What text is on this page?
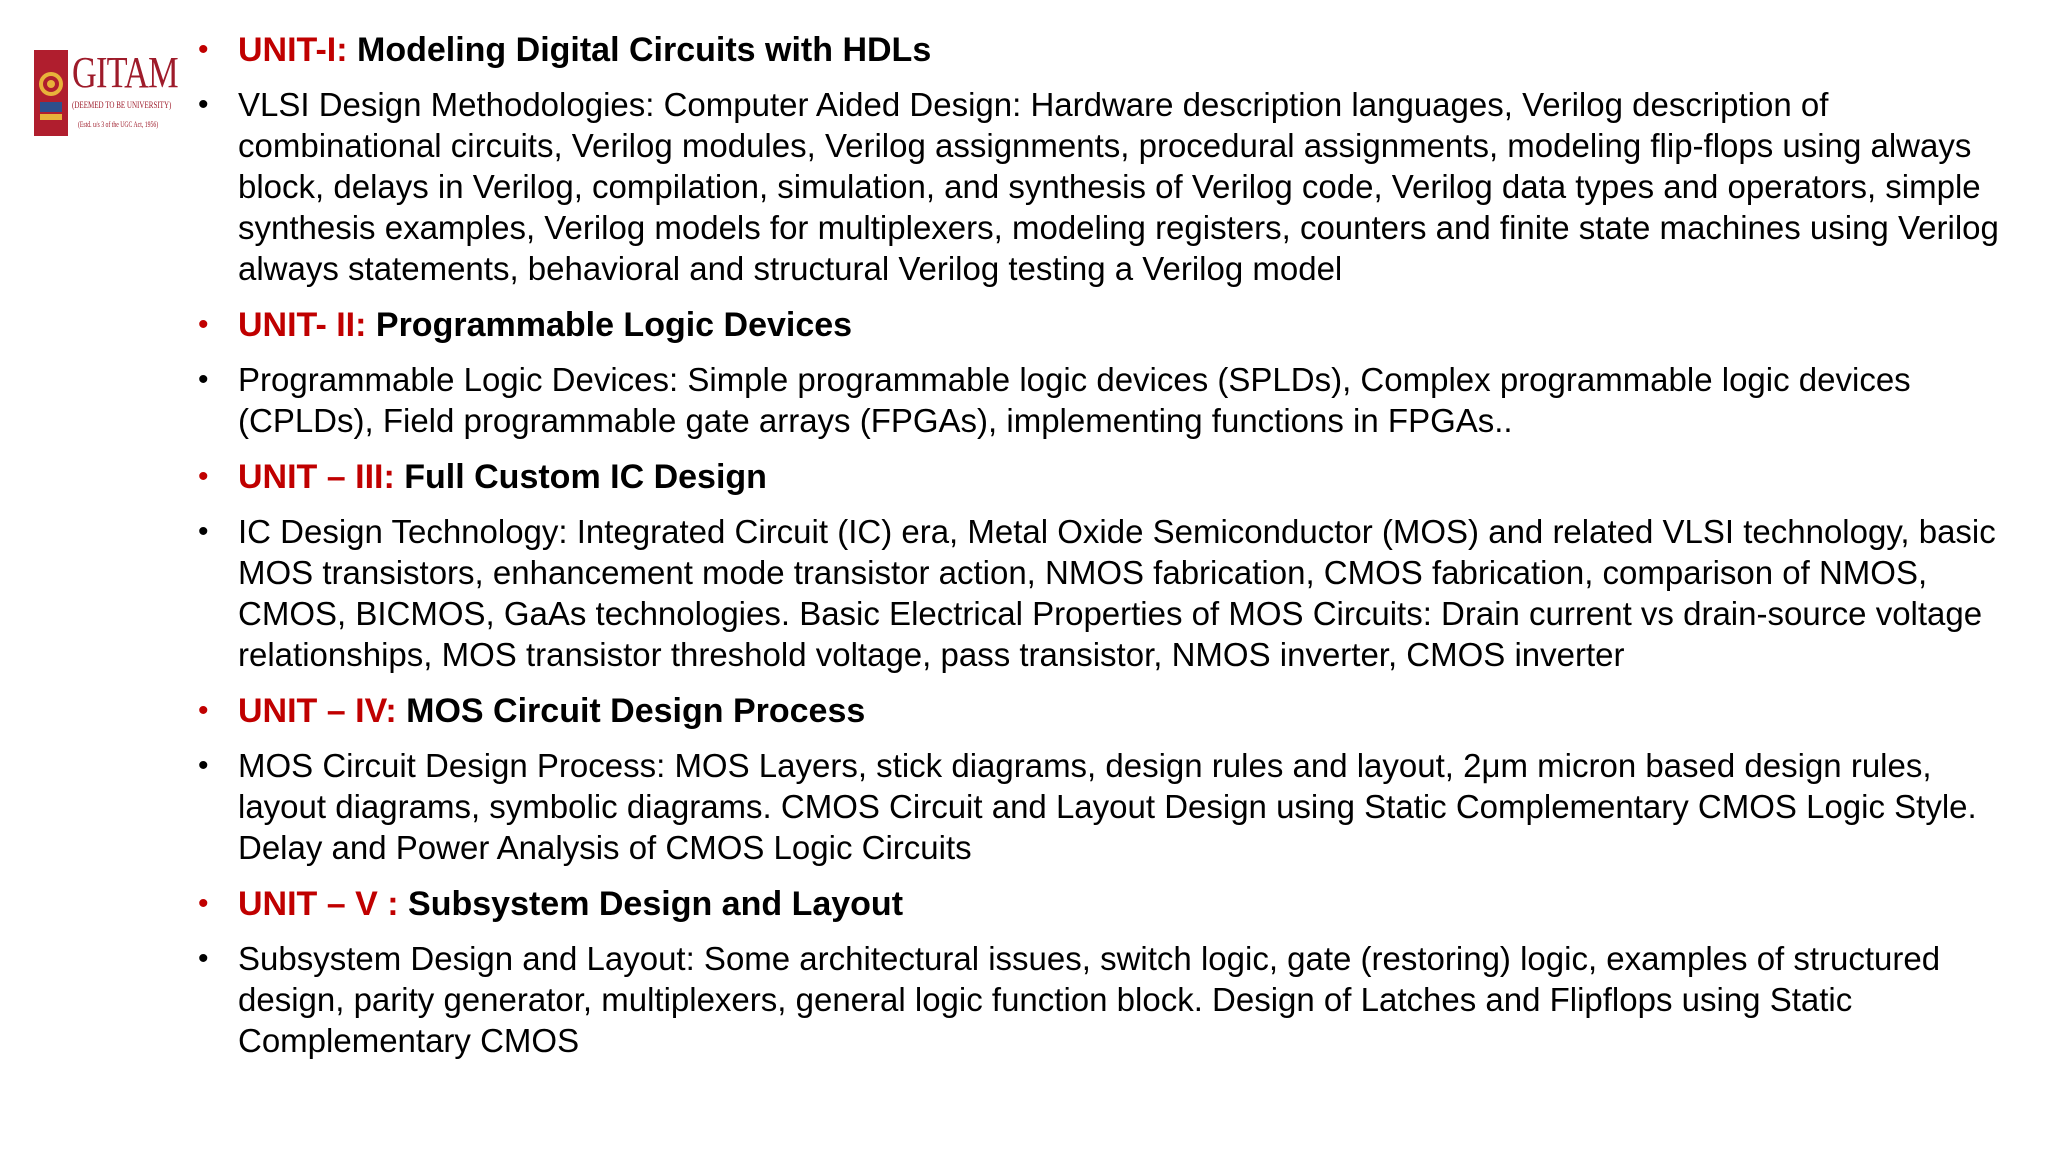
GITAM
(DEEMED TO BE UNIVERSITY)
(Estd. u/s 3 of the UGC Act, 1956)
• UNIT-I: Modeling Digital Circuits with HDLs
• VLSI Design Methodologies: Computer Aided Design: Hardware description languages, Verilog description of combinational circuits, Verilog modules, Verilog assignments, procedural assignments, modeling flip-flops using always block, delays in Verilog, compilation, simulation, and synthesis of Verilog code, Verilog data types and operators, simple synthesis examples, Verilog models for multiplexers, modeling registers, counters and finite state machines using Verilog always statements, behavioral and structural Verilog testing a Verilog model
• UNIT- II: Programmable Logic Devices
• Programmable Logic Devices: Simple programmable logic devices (SPLDs), Complex programmable logic devices (CPLDs), Field programmable gate arrays (FPGAs), implementing functions in FPGAs..
• UNIT – III: Full Custom IC Design
• IC Design Technology: Integrated Circuit (IC) era, Metal Oxide Semiconductor (MOS) and related VLSI technology, basic MOS transistors, enhancement mode transistor action, NMOS fabrication, CMOS fabrication, comparison of NMOS, CMOS, BICMOS, GaAs technologies. Basic Electrical Properties of MOS Circuits: Drain current vs drain-source voltage relationships, MOS transistor threshold voltage, pass transistor, NMOS inverter, CMOS inverter
• UNIT – IV: MOS Circuit Design Process
• MOS Circuit Design Process: MOS Layers, stick diagrams, design rules and layout, 2μm micron based design rules, layout diagrams, symbolic diagrams. CMOS Circuit and Layout Design using Static Complementary CMOS Logic Style. Delay and Power Analysis of CMOS Logic Circuits
• UNIT – V : Subsystem Design and Layout
• Subsystem Design and Layout: Some architectural issues, switch logic, gate (restoring) logic, examples of structured design, parity generator, multiplexers, general logic function block. Design of Latches and Flipflops using Static Complementary CMOS
